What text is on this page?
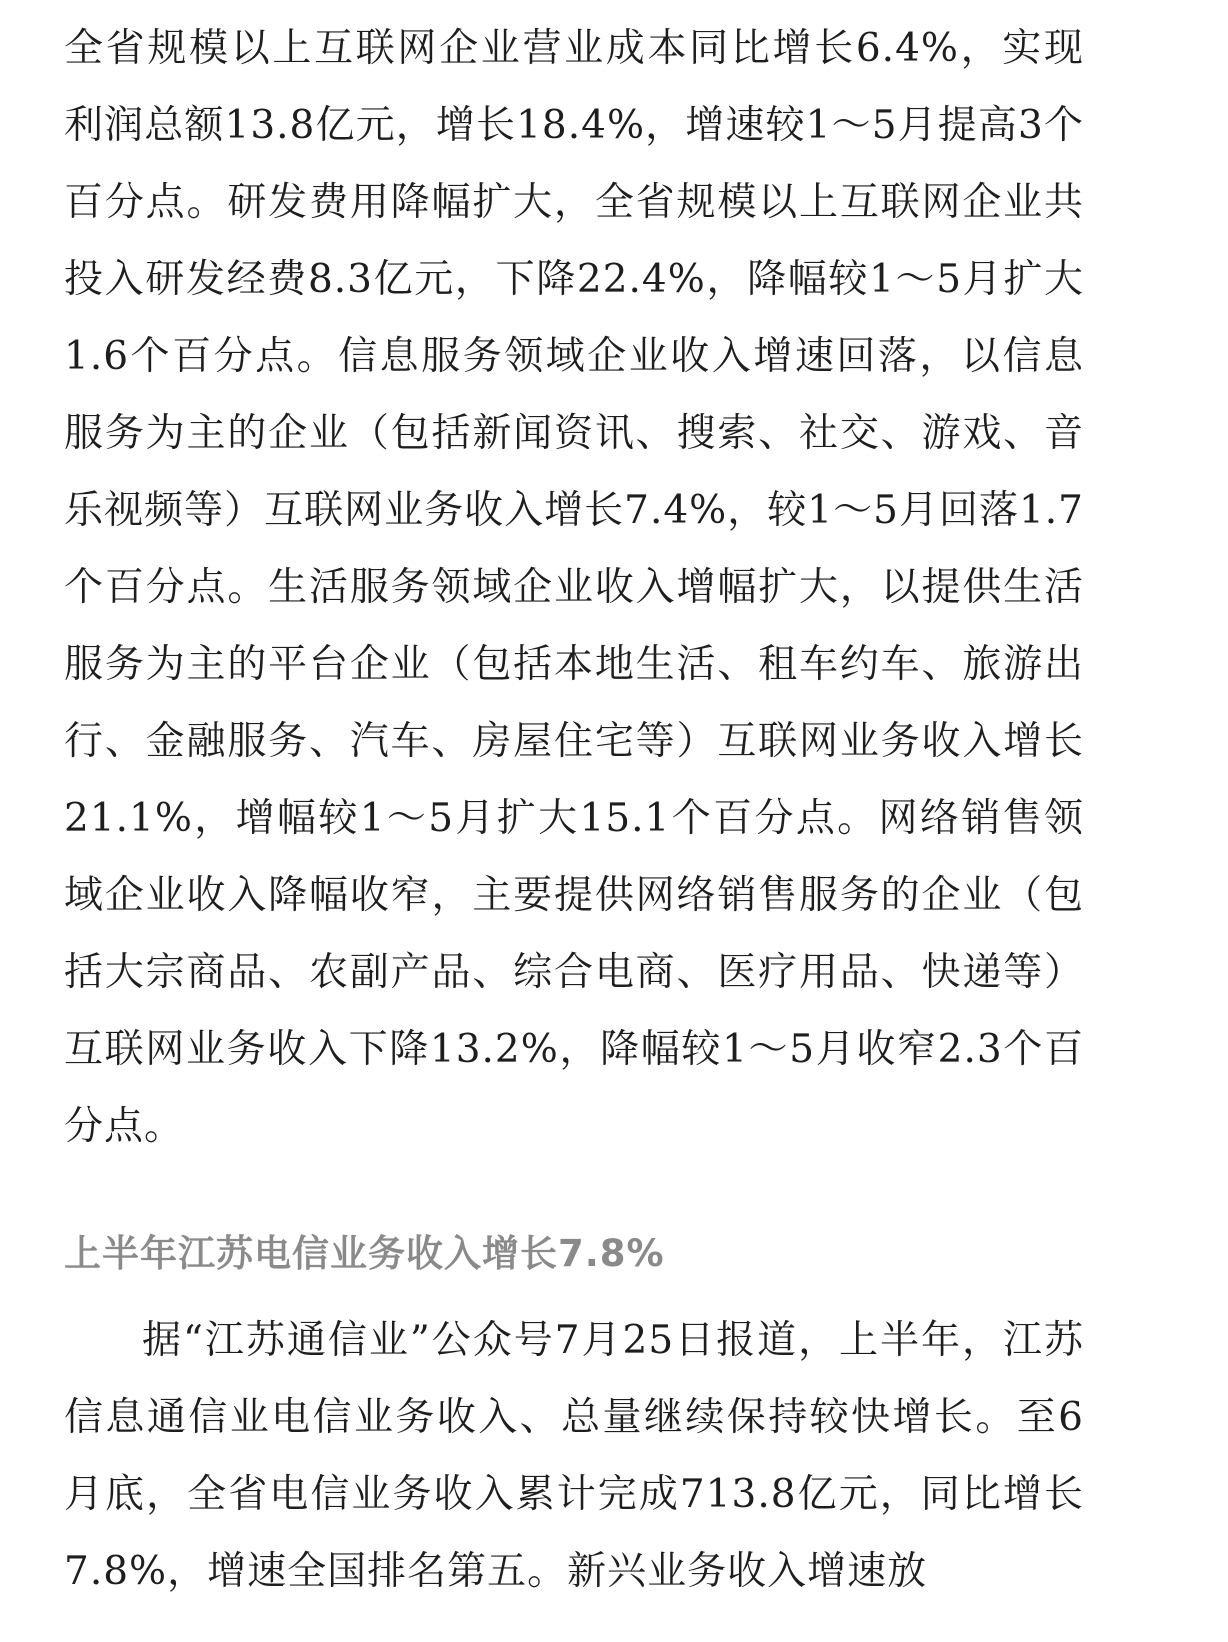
全省规模以上互联网企业营业成本同比增长6.4%，实现利润总额13.8亿元，增长18.4%，增速较1～5月提高3个百分点。研发费用降幅扩大，全省规模以上互联网企业共投入研发经费8.3亿元，下降22.4%，降幅较1～5月扩大1.6个百分点。信息服务领域企业收入增速回落，以信息服务为主的企业（包括新闻资讯、搜索、社交、游戏、音乐视频等）互联网业务收入增长7.4%，较1～5月回落1.7个百分点。生活服务领域企业收入增幅扩大，以提供生活服务为主的平台企业（包括本地生活、租车约车、旅游出行、金融服务、汽车、房屋住宅等）互联网业务收入增长21.1%，增幅较1～5月扩大15.1个百分点。网络销售领域企业收入降幅收窄，主要提供网络销售服务的企业（包括大宗商品、农副产品、综合电商、医疗用品、快递等）互联网业务收入下降13.2%，降幅较1～5月收窄2.3个百分点。

上半年江苏电信业务收入增长7.8%

据“江苏通信业”公众号7月25日报道，上半年，江苏信息通信业电信业务收入、总量继续保持较快增长。至6月底，全省电信业务收入累计完成713.8亿元，同比增长7.8%，增速全国排名第五。新兴业务收入增速放
